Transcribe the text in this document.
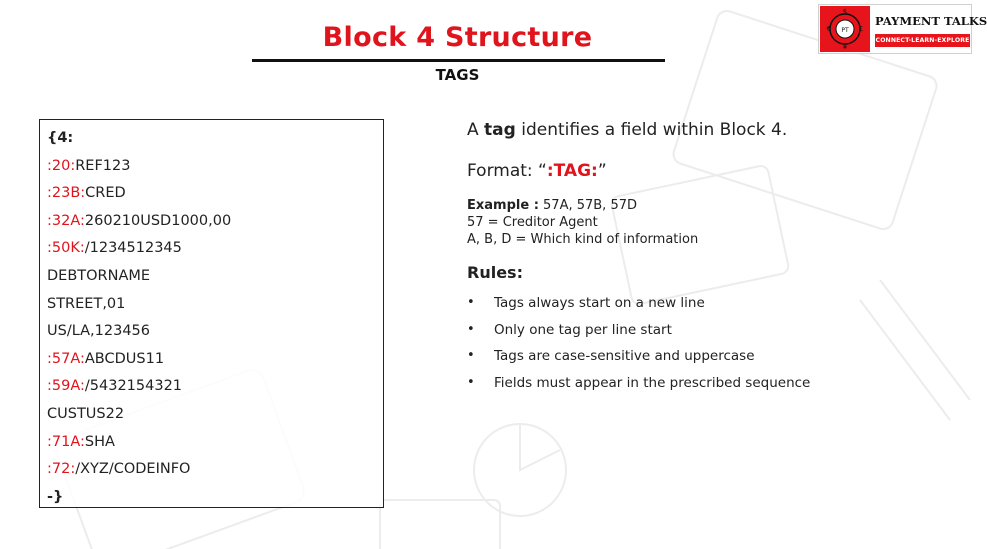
Block 4 Structure
TAGS
PT
$
€	£
¥
PAYMENT TALKS
CONNECT-LEARN-EXPLORE
{4:
:20:REF123
:23B:CRED
:32A:260210USD1000,00
:50K:/1234512345
DEBTORNAME
STREET,01
US/LA,123456
:57A:ABCDUS11
:59A:/5432154321
CUSTUS22
:71A:SHA
:72:/XYZ/CODEINFO
-}

A tag identifies a field within Block 4.

Format: “:TAG:”
Example : 57A, 57B, 57D
57 = Creditor Agent
A, B, D = Which kind of information
Rules:
• Tags always start on a new line
• Only one tag per line start
• Tags are case-sensitive and uppercase
• Fields must appear in the prescribed sequence
